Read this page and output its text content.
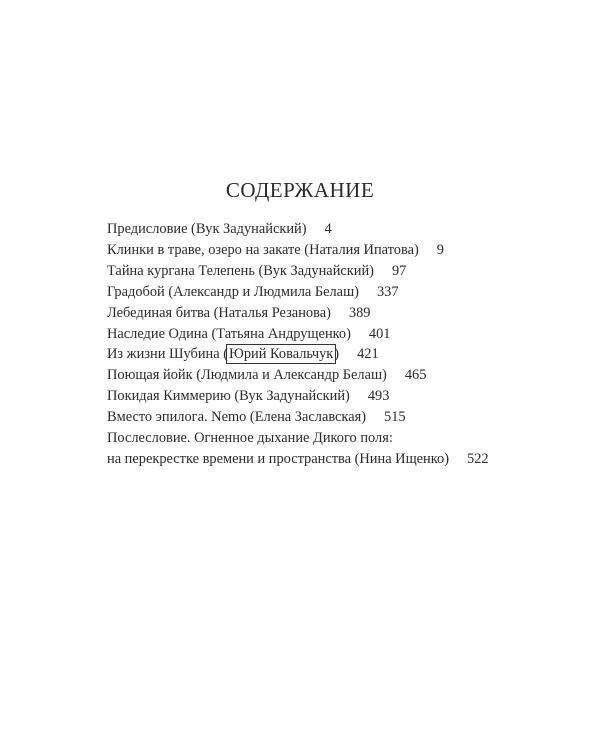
СОДЕРЖАНИЕ
Предисловие (Вук Задунайский) 4
Клинки в траве, озеро на закате (Наталия Ипатова) 9
Тайна кургана Телепень (Вук Задунайский) 97
Градобой (Александр и Людмила Белаш) 337
Лебединая битва (Наталья Резанова) 389
Наследие Одина (Татьяна Андрущенко) 401
Из жизни Шубина (Юрий Ковальчук) 421
Поющая йойк (Людмила и Александр Белаш) 465
Покидая Киммерию (Вук Задунайский) 493
Вместо эпилога. Nemo (Елена Заславская) 515
Послесловие. Огненное дыхание Дикого поля:
на перекрестке времени и пространства (Нина Ищенко) 522
